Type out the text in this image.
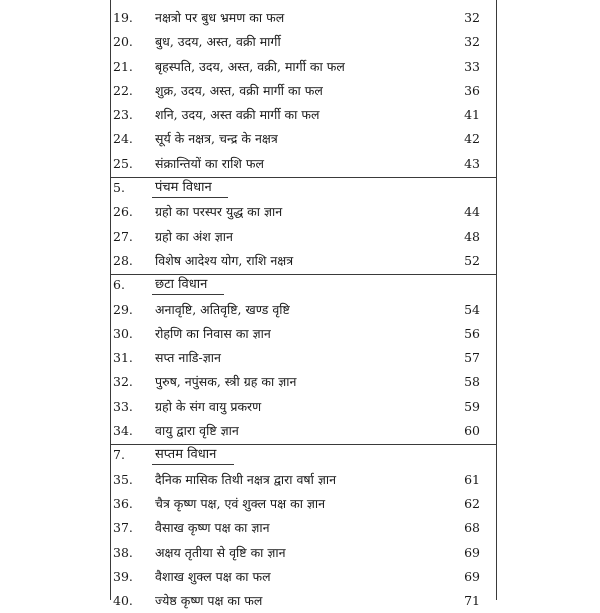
19.	नक्षत्रो पर बुध भ्रमण का फल	32
20.	बुध, उदय, अस्त, वक्री मार्गी	32
21.	बृहस्पति, उदय, अस्त, वक्री, मार्गी का फल	33
22.	शुक्र, उदय, अस्त, वक्री मार्गी का फल	36
23.	शनि, उदय, अस्त वक्री मार्गी का फल	41
24.	सूर्य के नक्षत्र, चन्द्र के नक्षत्र	42
25.	संक्रान्तियों का राशि फल	43
5.	पंचम विधान
26.	ग्रहो का परस्पर युद्ध का ज्ञान	44
27.	ग्रहो का अंश ज्ञान	48
28.	विशेष आदेश्य योग, राशि नक्षत्र	52
6.	छटा विधान
29.	अनावृष्टि, अतिवृष्टि, खण्ड वृष्टि	54
30.	रोहणि का निवास का ज्ञान	56
31.	सप्त नाडि-ज्ञान	57
32.	पुरुष, नपुंसक, स्त्री ग्रह का ज्ञान	58
33.	ग्रहो के संग वायु प्रकरण	59
34.	वायु द्वारा वृष्टि ज्ञान	60
7.	सप्तम विधान
35.	दैनिक मासिक तिथी नक्षत्र द्वारा वर्षा ज्ञान	61
36.	चैत्र कृष्ण पक्ष, एवं शुक्ल पक्ष का ज्ञान	62
37.	वैसाख कृष्ण पक्ष का ज्ञान	68
38.	अक्षय तृतीया से वृष्टि का ज्ञान	69
39.	वैशाख शुक्ल पक्ष का फल	69
40.	ज्येष्ठ कृष्ण पक्ष का फल	71
